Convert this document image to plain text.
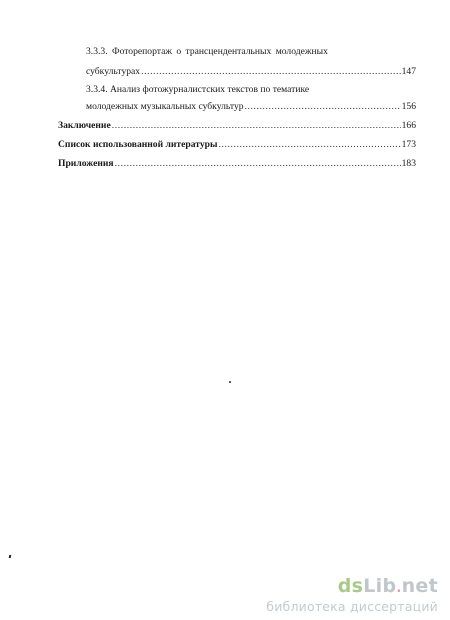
3.3.3. Фоторепортаж о трансцендентальных молодежных
субкультурах .....	147
3.3.4. Анализ фотожурналистских текстов по тематике
молодежных музыкальных субкультур .....	156
Заключение .....	166
Список использованной литературы .....	173
Приложения .....	183
dsLib.net
библиотека диссертаций
